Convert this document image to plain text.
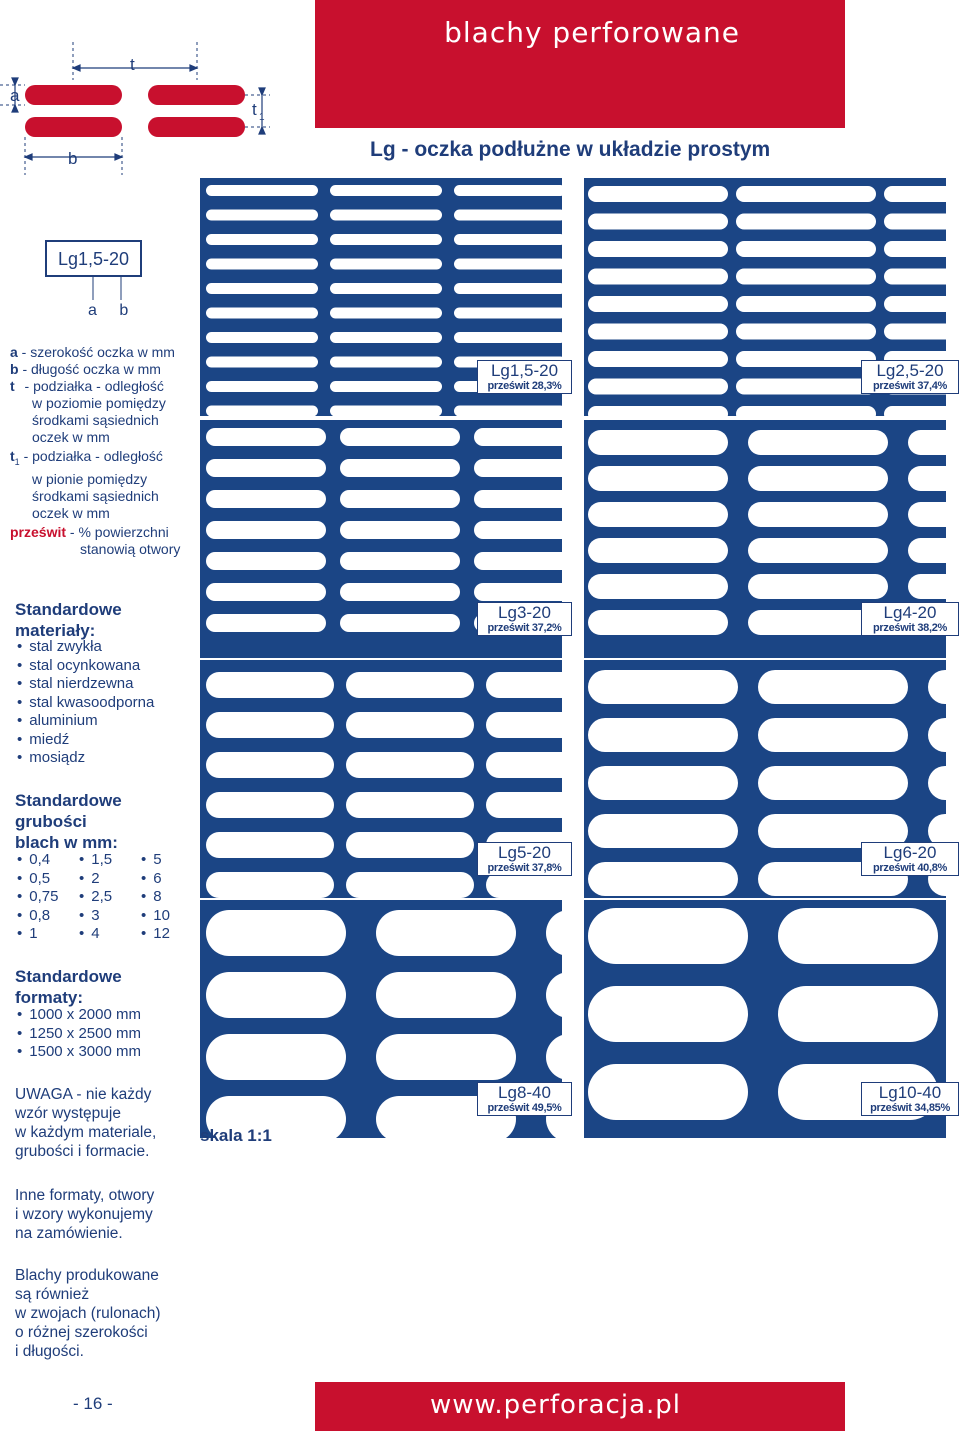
blachy perforowane
Lg - oczka podłużne w układzie prostym
t
a
t 1
b
Lg1,5-20
a b
a - szerokość oczka w mm
b - długość oczka w mm
t - podziałka - odległość
w poziomie pomiędzy
środkami sąsiednich
oczek w mm
$t_1$ - podziałka - odległość
w pionie pomiędzy
środkami sąsiednich
oczek w mm
prześwit - % powierzchni
stanowią otwory
Standardowe
materiały:
• stal zwykła
• stal ocynkowana
• stal nierdzewna
• stal kwasoodporna
• aluminium
• miedź
• mosiądz
Standardowe
grubości
blach w mm:
• 0,4	• 1,5	• 5
• 0,5	• 2	• 6
• 0,75	• 2,5	• 8
• 0,8	• 3	• 10
• 1	• 4	• 12
Standardowe
formaty:
• 1000 x 2000 mm
• 1250 x 2500 mm
• 1500 x 3000 mm
UWAGA - nie każdy
wzór występuje
w każdym materiale,
grubości i formacie.
Inne formaty, otwory
i wzory wykonujemy
na zamówienie.
Blachy produkowane
są również
w zwojach (rulonach)
o różnej szerokości
i długości.
Lg1,5-20
prześwit 28,3%
Lg2,5-20
prześwit 37,4%
Lg3-20
prześwit 37,2%
Lg4-20
prześwit 38,2%
Lg5-20
prześwit 37,8%
Lg6-20
prześwit 40,8%
Lg8-40
prześwit 49,5%
Lg10-40
prześwit 34,85%
skala 1:1
- 16 -	www.perforacja.pl
